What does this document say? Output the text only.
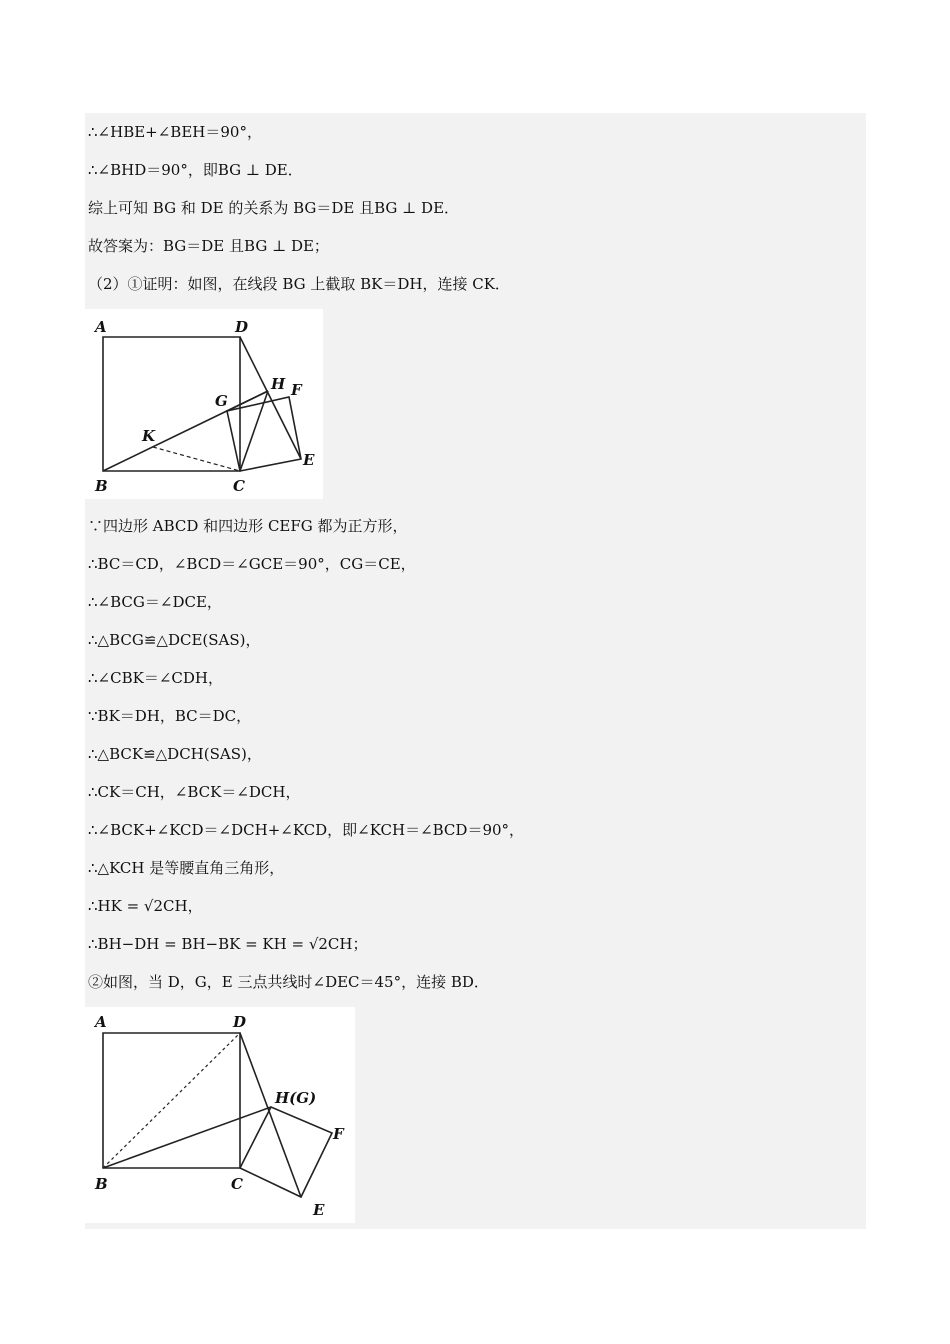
∴∠HBE+∠BEH＝90°，
∴∠BHD＝90°，即BG ⊥ DE．
综上可知 BG 和 DE 的关系为 BG＝DE 且BG ⊥ DE．
故答案为：BG＝DE 且BG ⊥ DE；
（2）①证明：如图，在线段 BG 上截取 BK＝DH，连接 CK．
A	D
H F
G
K
E
B	C
∵四边形 ABCD 和四边形 CEFG 都为正方形，
∴BC＝CD，∠BCD＝∠GCE＝90°，CG＝CE，
∴∠BCG＝∠DCE，
∴△BCG≌△DCE(SAS)，
∴∠CBK＝∠CDH，
∵BK＝DH，BC＝DC，
∴△BCK≌△DCH(SAS)，
∴CK＝CH，∠BCK＝∠DCH，
∴∠BCK+∠KCD＝∠DCH+∠KCD，即∠KCH＝∠BCD＝90°，
∴△KCH 是等腰直角三角形，
∴HK = √2CH，
∴BH−DH = BH−BK = KH = √2CH；
②如图，当 D，G，E 三点共线时∠DEC＝45°，连接 BD．
A	D
H(G)
F
B	C
E
